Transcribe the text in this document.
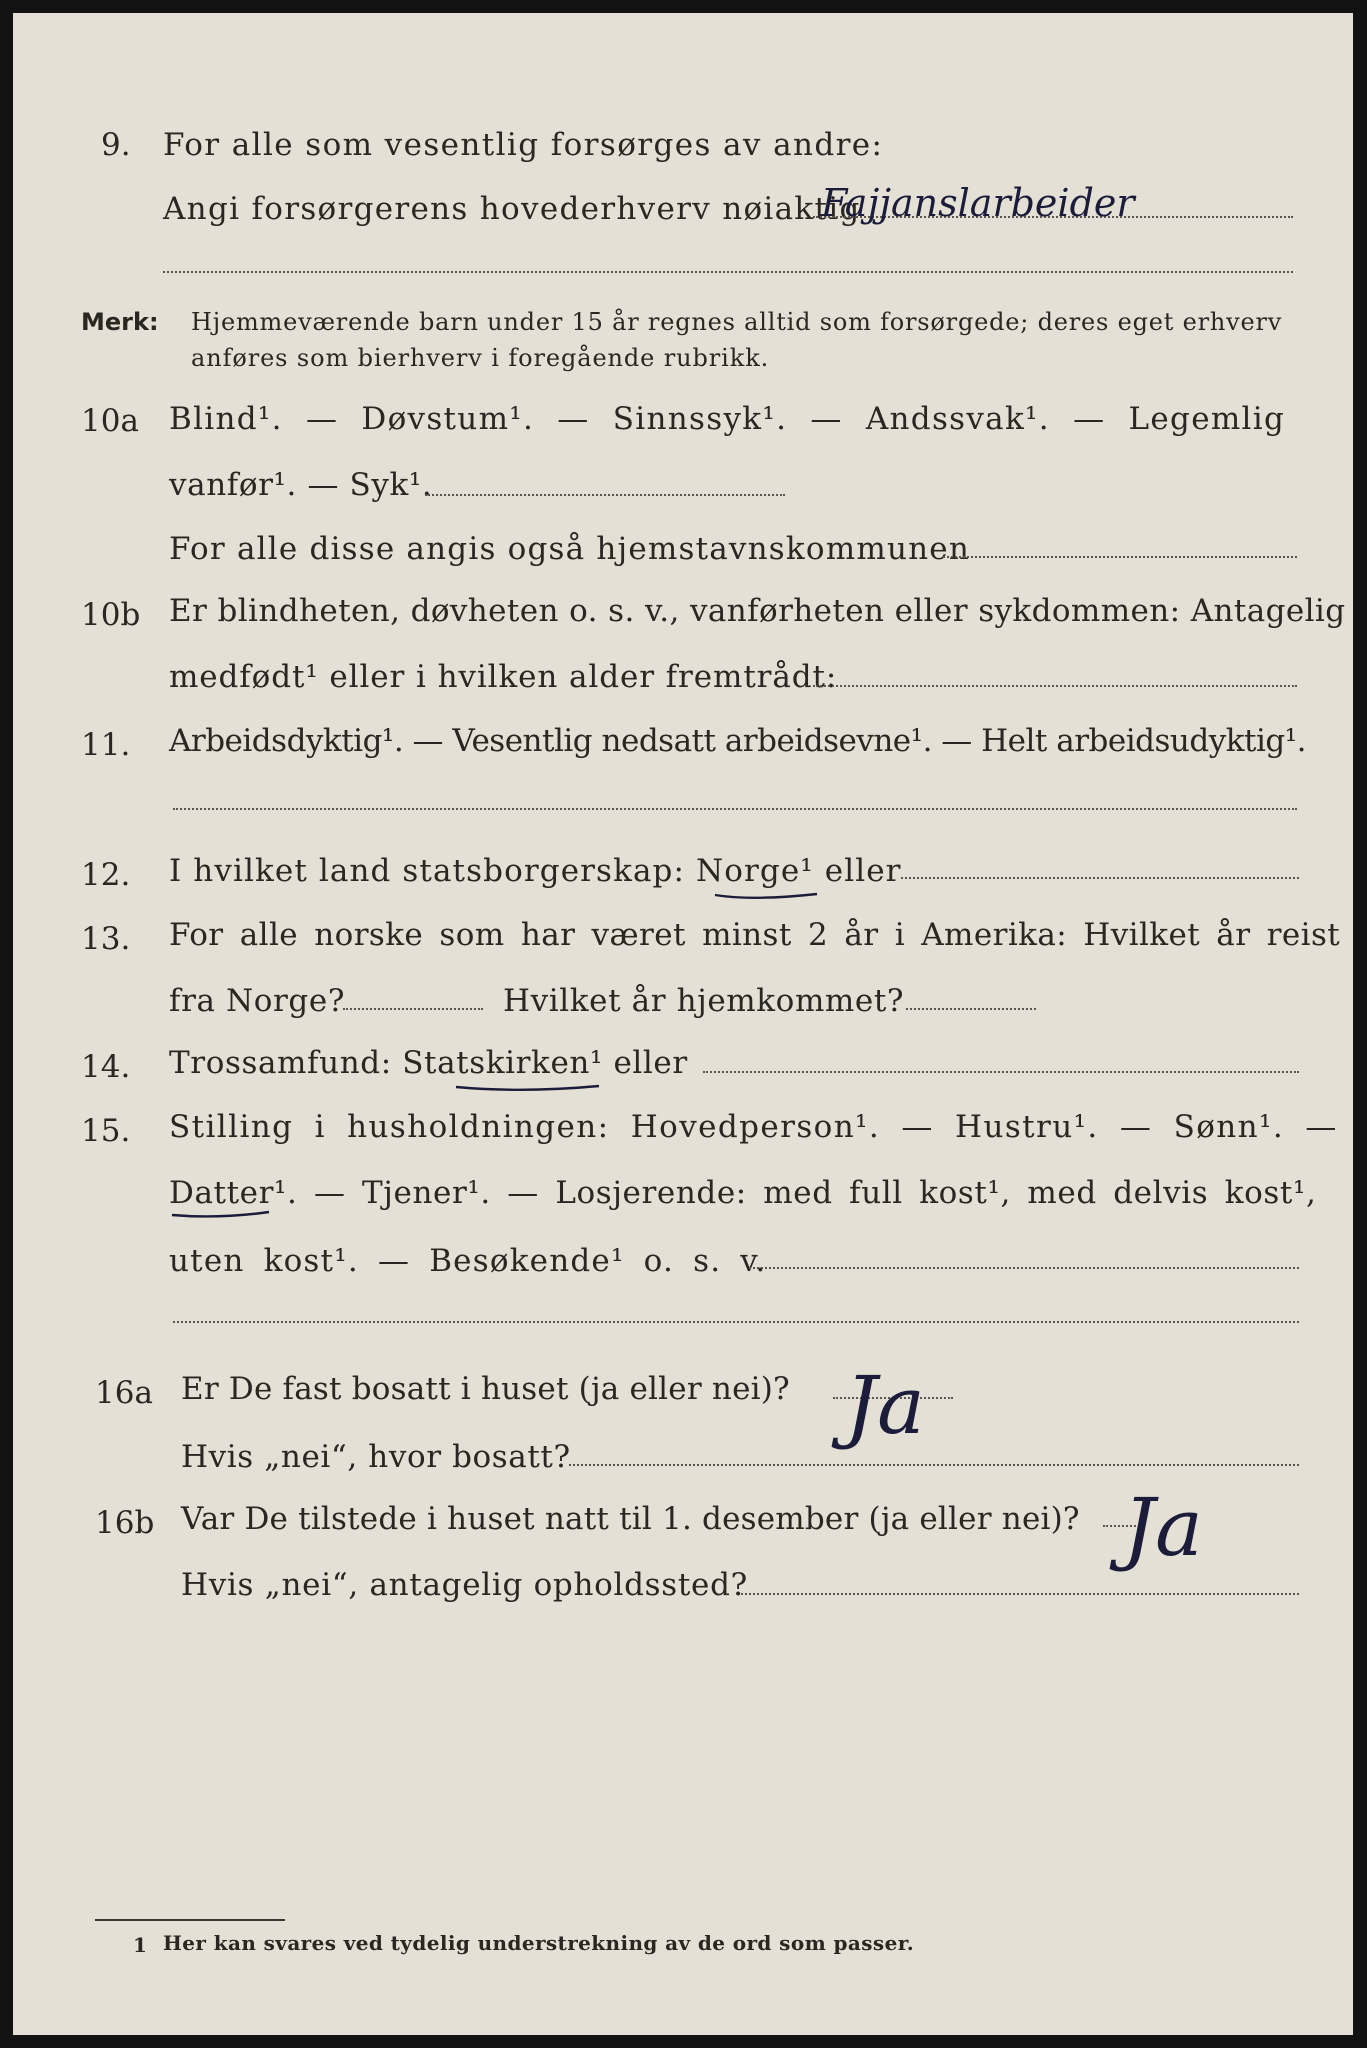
9. For alle som vesentlig forsørges av andre:
Angi forsørgerens hovederhverv nøiaktig
Fajjanslarbeider
Merk: Hjemmeværende barn under 15 år regnes alltid som forsørgede; deres eget erhverv
anføres som bierhverv i foregående rubrikk.
10a Blind¹. — Døvstum¹. — Sinnssyk¹. — Andssvak¹. — Legemlig
vanfør¹. — Syk¹.
For alle disse angis også hjemstavnskommunen
10b Er blindheten, døvheten o. s. v., vanførheten eller sykdommen: Antagelig
medfødt¹ eller i hvilken alder fremtrådt:
11. Arbeidsdyktig¹. — Vesentlig nedsatt arbeidsevne¹. — Helt arbeidsudyktig¹.
12. I hvilket land statsborgerskap: Norge¹ eller
13. For alle norske som har været minst 2 år i Amerika: Hvilket år reist
fra Norge?	Hvilket år hjemkommet?
14. Trossamfund: Statskirken¹ eller
15. Stilling i husholdningen: Hovedperson¹. — Hustru¹. — Sønn¹. —
Datter¹. — Tjener¹. — Losjerende: med full kost¹, med delvis kost¹,
uten kost¹. — Besøkende¹ o. s. v.
16a Er De fast bosatt i huset (ja eller nei)?
Hvis „nei“, hvor bosatt?
Ja
16b Var De tilstede i huset natt til 1. desember (ja eller nei)?
Hvis „nei“, antagelig opholdssted?
Ja
1 Her kan svares ved tydelig understrekning av de ord som passer.
